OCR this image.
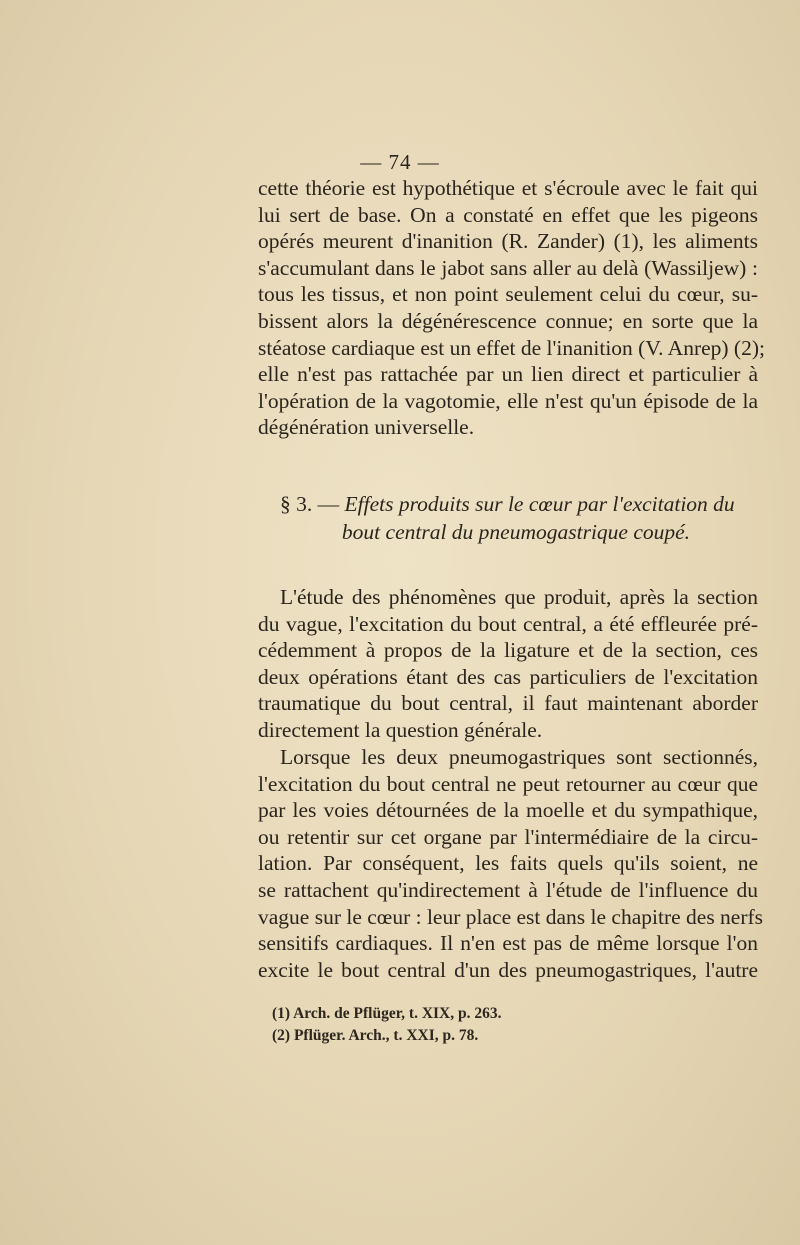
— 74 —
cette théorie est hypothétique et s'écroule avec le fait qui
lui sert de base. On a constaté en effet que les pigeons
opérés meurent d'inanition (R. Zander) (1), les aliments
s'accumulant dans le jabot sans aller au delà (Wassiljew) :
tous les tissus, et non point seulement celui du cœur, su-
bissent alors la dégénérescence connue; en sorte que la
stéatose cardiaque est un effet de l'inanition (V. Anrep) (2);
elle n'est pas rattachée par un lien direct et particulier à
l'opération de la vagotomie, elle n'est qu'un épisode de la
dégénération universelle.
§ 3. — Effets produits sur le cœur par l'excitation du
bout central du pneumogastrique coupé.
L'étude des phénomènes que produit, après la section
du vague, l'excitation du bout central, a été effleurée pré-
cédemment à propos de la ligature et de la section, ces
deux opérations étant des cas particuliers de l'excitation
traumatique du bout central, il faut maintenant aborder
directement la question générale.
Lorsque les deux pneumogastriques sont sectionnés,
l'excitation du bout central ne peut retourner au cœur que
par les voies détournées de la moelle et du sympathique,
ou retentir sur cet organe par l'intermédiaire de la circu-
lation. Par conséquent, les faits quels qu'ils soient, ne
se rattachent qu'indirectement à l'étude de l'influence du
vague sur le cœur : leur place est dans le chapitre des nerfs
sensitifs cardiaques. Il n'en est pas de même lorsque l'on
excite le bout central d'un des pneumogastriques, l'autre
(1) Arch. de Pflüger, t. XIX, p. 263.
(2) Pflüger. Arch., t. XXI, p. 78.
